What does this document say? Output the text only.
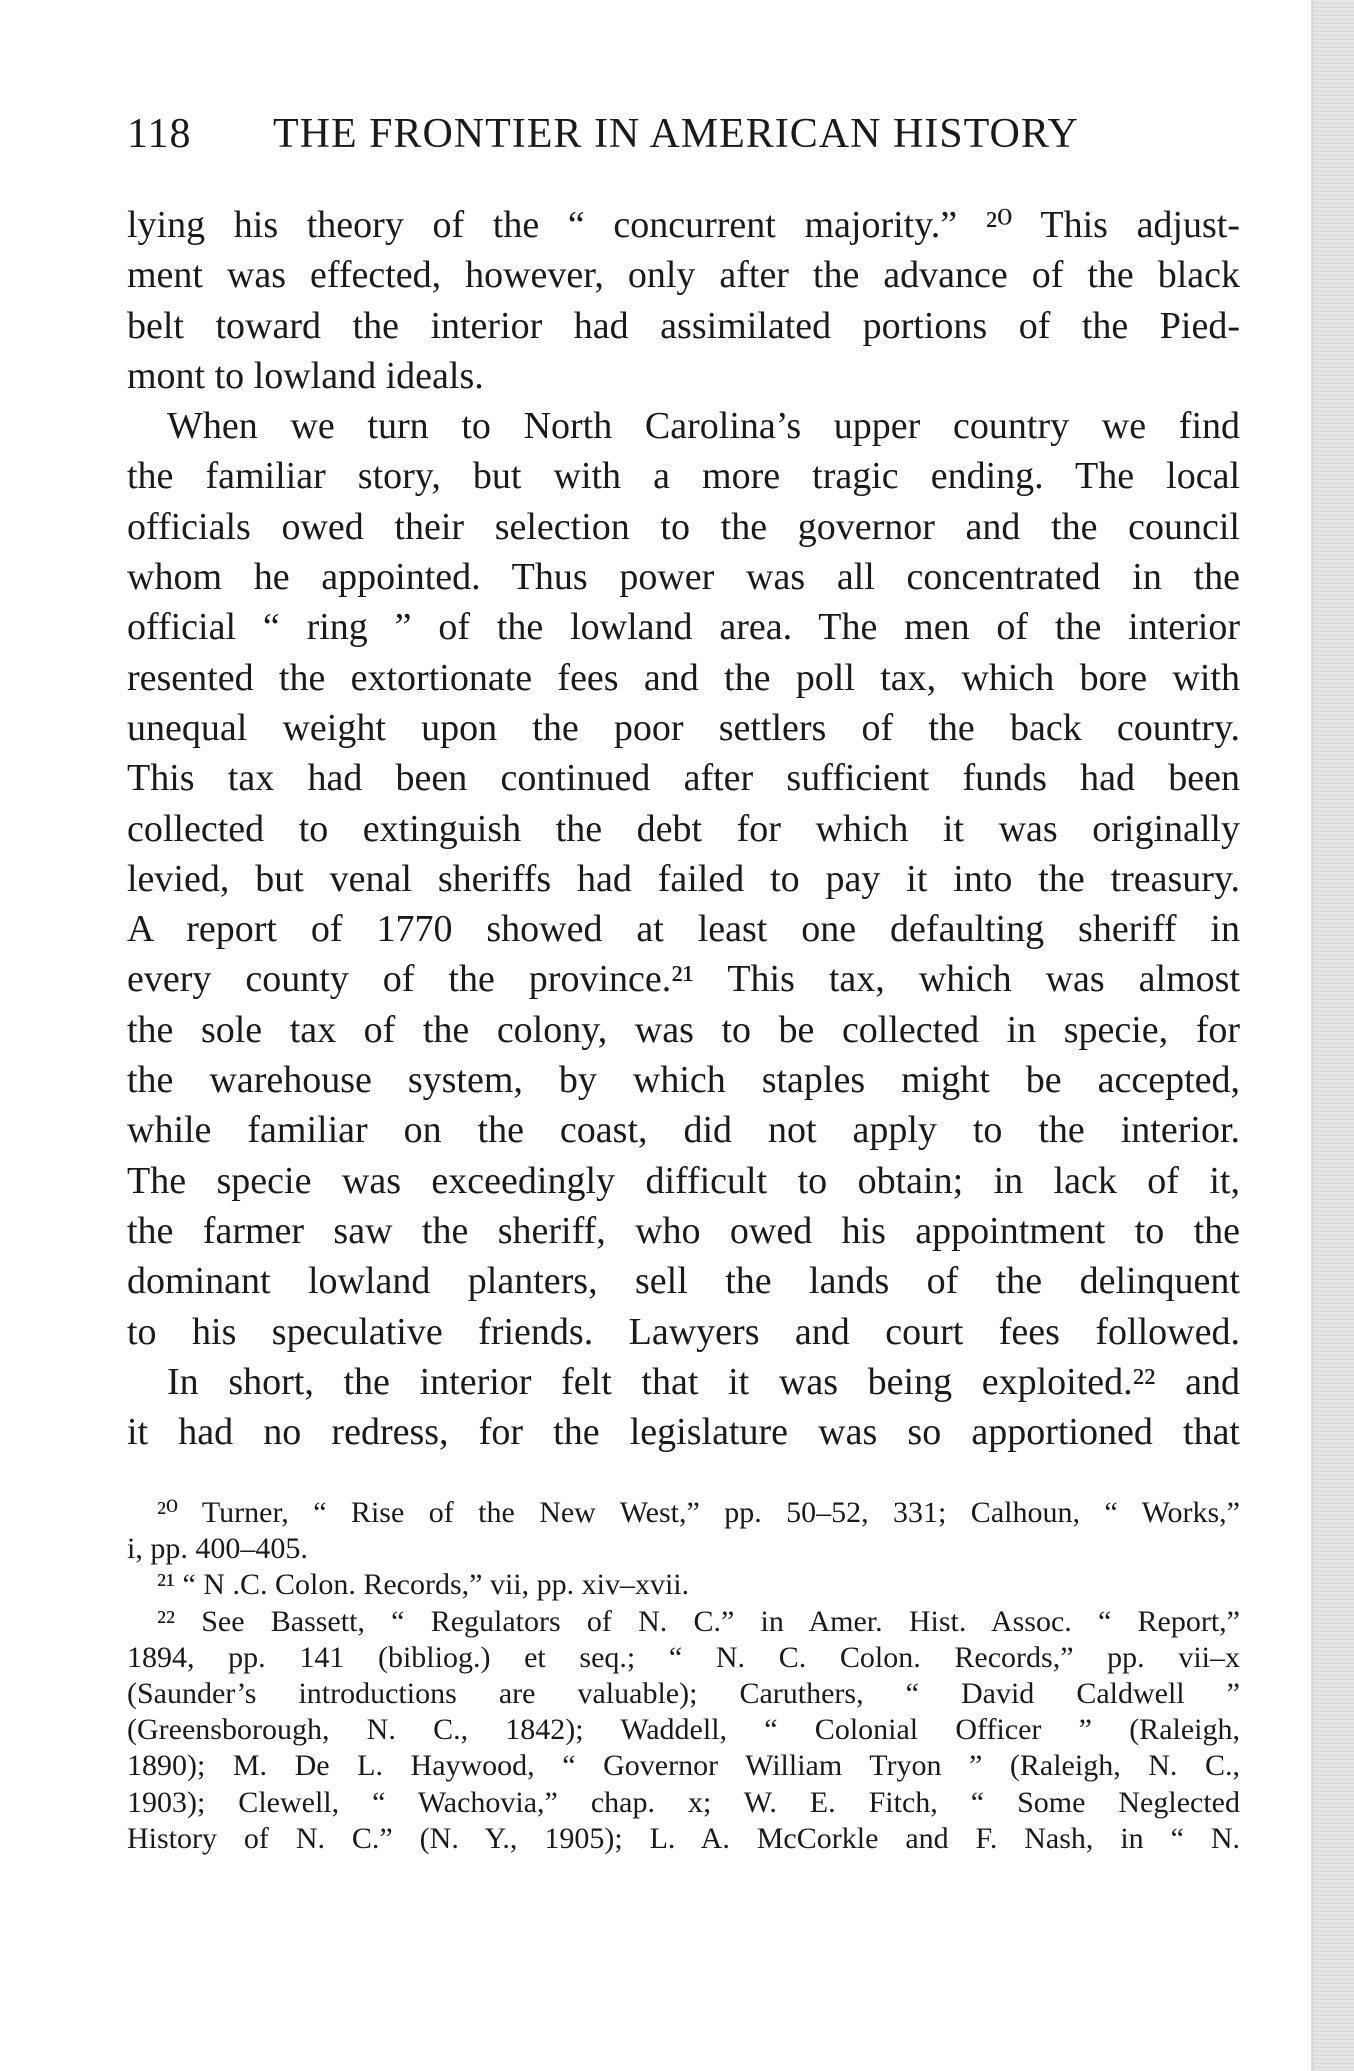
118 THE FRONTIER IN AMERICAN HISTORY
lying his theory of the “ concurrent majority.” ²⁰ This adjust-
ment was effected, however, only after the advance of the black
belt toward the interior had assimilated portions of the Pied-
mont to lowland ideals.
When we turn to North Carolina’s upper country we find
the familiar story, but with a more tragic ending. The local
officials owed their selection to the governor and the council
whom he appointed. Thus power was all concentrated in the
official “ ring ” of the lowland area. The men of the interior
resented the extortionate fees and the poll tax, which bore with
unequal weight upon the poor settlers of the back country.
This tax had been continued after sufficient funds had been
collected to extinguish the debt for which it was originally
levied, but venal sheriffs had failed to pay it into the treasury.
A report of 1770 showed at least one defaulting sheriff in
every county of the province.²¹ This tax, which was almost
the sole tax of the colony, was to be collected in specie, for
the warehouse system, by which staples might be accepted,
while familiar on the coast, did not apply to the interior.
The specie was exceedingly difficult to obtain; in lack of it,
the farmer saw the sheriff, who owed his appointment to the
dominant lowland planters, sell the lands of the delinquent
to his speculative friends. Lawyers and court fees followed.
In short, the interior felt that it was being exploited.²² and
it had no redress, for the legislature was so apportioned that
²⁰ Turner, “ Rise of the New West,” pp. 50–52, 331; Calhoun, “ Works,”
i, pp. 400–405.
²¹ “ N .C. Colon. Records,” vii, pp. xiv–xvii.
²² See Bassett, “ Regulators of N. C.” in Amer. Hist. Assoc. “ Report,”
1894, pp. 141 (bibliog.) et seq.; “ N. C. Colon. Records,” pp. vii–x
(Saunder’s introductions are valuable); Caruthers, “ David Caldwell ”
(Greensborough, N. C., 1842); Waddell, “ Colonial Officer ” (Raleigh,
1890); M. De L. Haywood, “ Governor William Tryon ” (Raleigh, N. C.,
1903); Clewell, “ Wachovia,” chap. x; W. E. Fitch, “ Some Neglected
History of N. C.” (N. Y., 1905); L. A. McCorkle and F. Nash, in “ N.
